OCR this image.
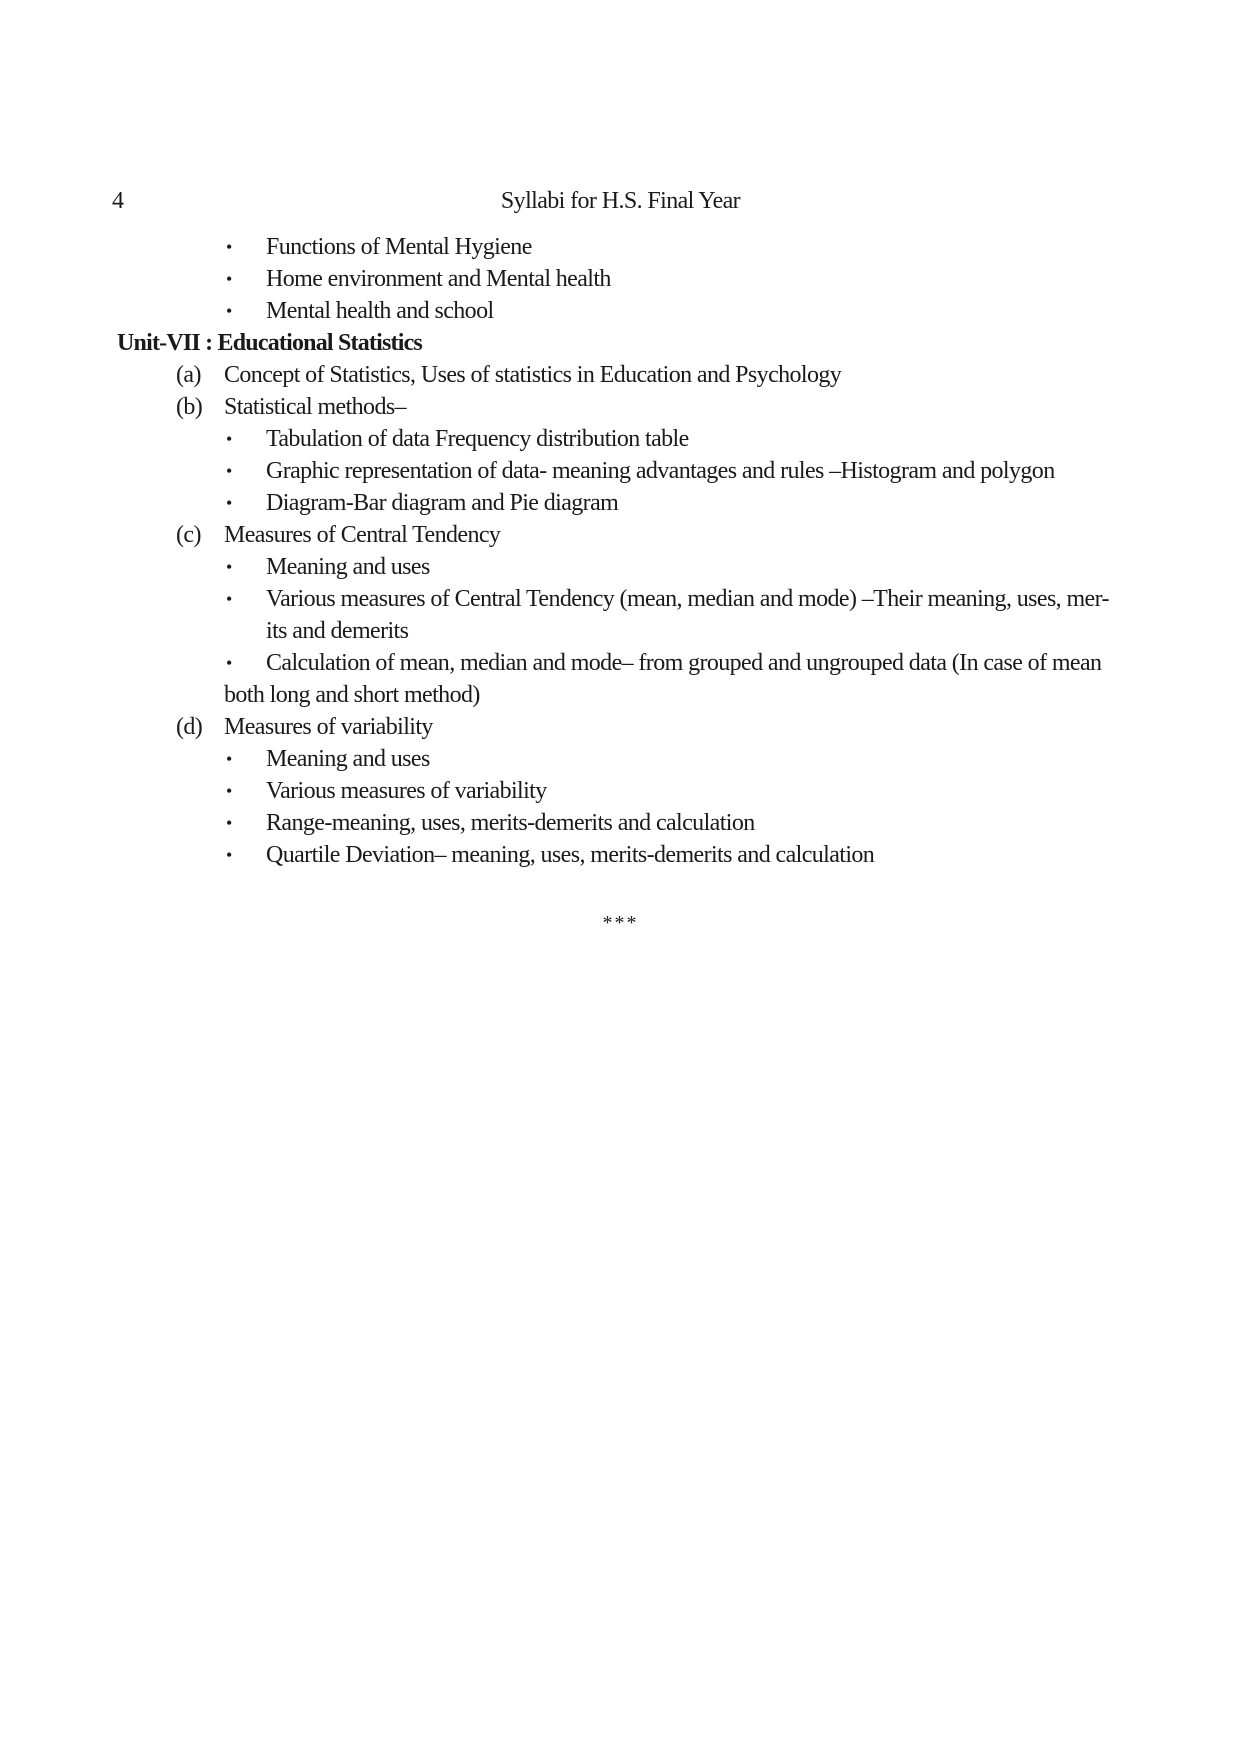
4	Syllabi for H.S. Final Year
• Functions of Mental Hygiene
• Home environment and Mental health
• Mental health and school
Unit-VII : Educational Statistics
(a) Concept of Statistics, Uses of statistics in Education and Psychology
(b) Statistical methods–
• Tabulation of data Frequency distribution table
• Graphic representation of data- meaning advantages and rules –Histogram and polygon
• Diagram-Bar diagram and Pie diagram
(c) Measures of Central Tendency
• Meaning and uses
• Various measures of Central Tendency (mean, median and mode) –Their meaning, uses, mer-
its and demerits
• Calculation of mean, median and mode– from grouped and ungrouped data (In case of mean
both long and short method)
(d) Measures of variability
• Meaning and uses
• Various measures of variability
• Range-meaning, uses, merits-demerits and calculation
• Quartile Deviation– meaning, uses, merits-demerits and calculation
***
